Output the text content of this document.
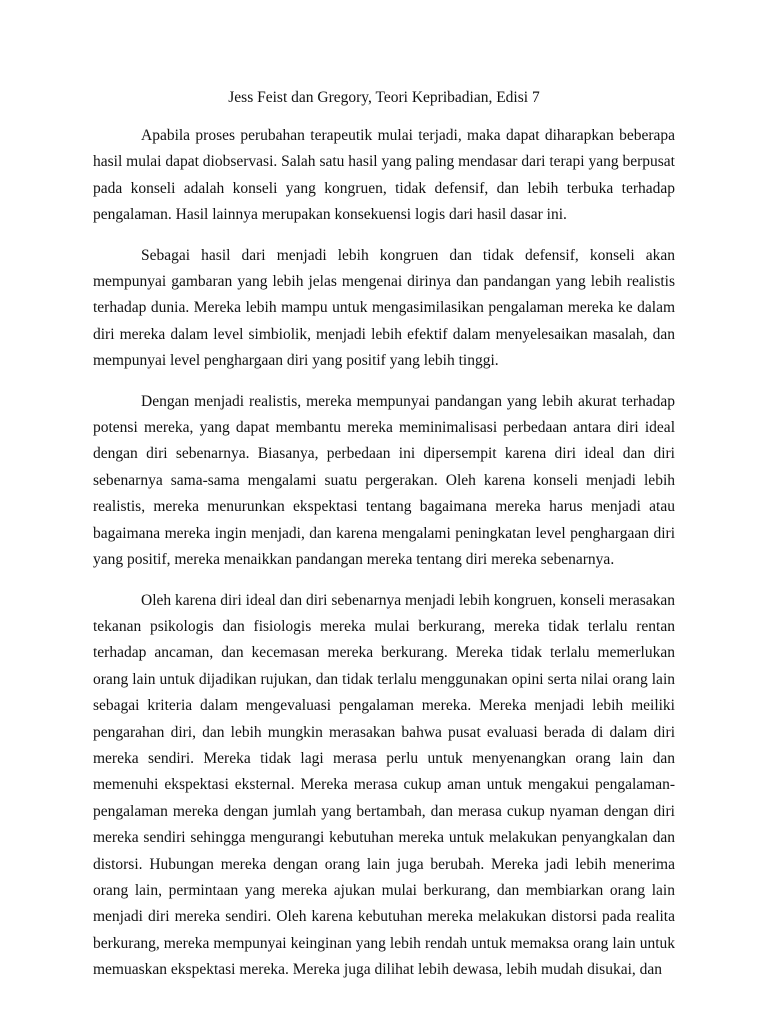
Jess Feist dan Gregory, Teori Kepribadian, Edisi 7

Apabila proses perubahan terapeutik mulai terjadi, maka dapat diharapkan beberapa hasil mulai dapat diobservasi. Salah satu hasil yang paling mendasar dari terapi yang berpusat pada konseli adalah konseli yang kongruen, tidak defensif, dan lebih terbuka terhadap pengalaman. Hasil lainnya merupakan konsekuensi logis dari hasil dasar ini.

Sebagai hasil dari menjadi lebih kongruen dan tidak defensif, konseli akan mempunyai gambaran yang lebih jelas mengenai dirinya dan pandangan yang lebih realistis terhadap dunia. Mereka lebih mampu untuk mengasimilasikan pengalaman mereka ke dalam diri mereka dalam level simbiolik, menjadi lebih efektif dalam menyelesaikan masalah, dan mempunyai level penghargaan diri yang positif yang lebih tinggi.

Dengan menjadi realistis, mereka mempunyai pandangan yang lebih akurat terhadap potensi mereka, yang dapat membantu mereka meminimalisasi perbedaan antara diri ideal dengan diri sebenarnya. Biasanya, perbedaan ini dipersempit karena diri ideal dan diri sebenarnya sama-sama mengalami suatu pergerakan. Oleh karena konseli menjadi lebih realistis, mereka menurunkan ekspektasi tentang bagaimana mereka harus menjadi atau bagaimana mereka ingin menjadi, dan karena mengalami peningkatan level penghargaan diri yang positif, mereka menaikkan pandangan mereka tentang diri mereka sebenarnya.

Oleh karena diri ideal dan diri sebenarnya menjadi lebih kongruen, konseli merasakan tekanan psikologis dan fisiologis mereka mulai berkurang, mereka tidak terlalu rentan terhadap ancaman, dan kecemasan mereka berkurang. Mereka tidak terlalu memerlukan orang lain untuk dijadikan rujukan, dan tidak terlalu menggunakan opini serta nilai orang lain sebagai kriteria dalam mengevaluasi pengalaman mereka. Mereka menjadi lebih meiliki pengarahan diri, dan lebih mungkin merasakan bahwa pusat evaluasi berada di dalam diri mereka sendiri. Mereka tidak lagi merasa perlu untuk menyenangkan orang lain dan memenuhi ekspektasi eksternal. Mereka merasa cukup aman untuk mengakui pengalaman-pengalaman mereka dengan jumlah yang bertambah, dan merasa cukup nyaman dengan diri mereka sendiri sehingga mengurangi kebutuhan mereka untuk melakukan penyangkalan dan distorsi. Hubungan mereka dengan orang lain juga berubah. Mereka jadi lebih menerima orang lain, permintaan yang mereka ajukan mulai berkurang, dan membiarkan orang lain menjadi diri mereka sendiri. Oleh karena kebutuhan mereka melakukan distorsi pada realita berkurang, mereka mempunyai keinginan yang lebih rendah untuk memaksa orang lain untuk memuaskan ekspektasi mereka. Mereka juga dilihat lebih dewasa, lebih mudah disukai, dan
